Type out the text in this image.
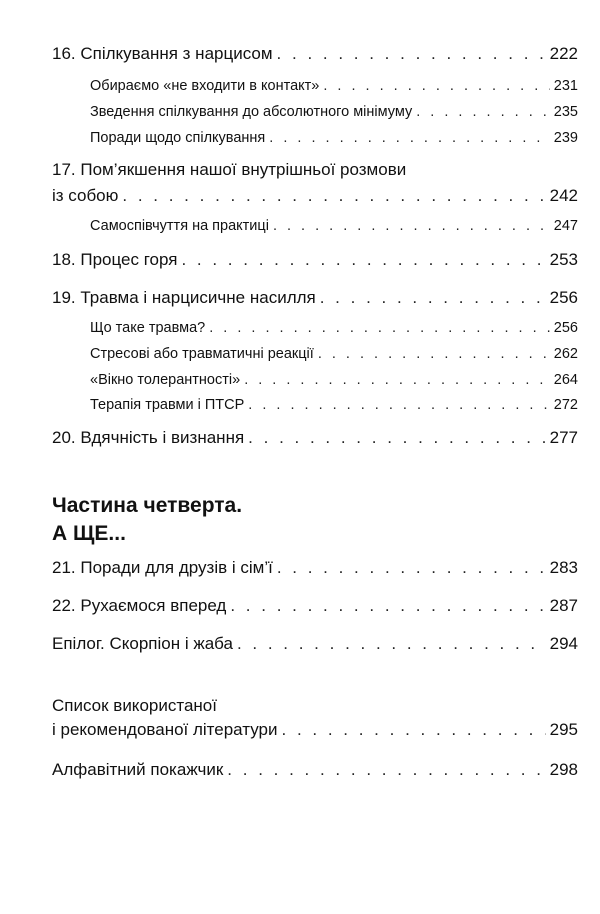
16. Спілкування з нарцисом . . .	222
Обираємо «не входити в контакт» . . .	231
Зведення спілкування до абсолютного мінімуму . . .	235
Поради щодо спілкування . . .	239
17. Пом’якшення нашої внутрішньої розмови
із собою . . .	242
Самоспівчуття на практиці . . .	247
18. Процес горя . . .	253
19. Травма і нарцисичне насилля . . .	256
Що таке травма? . . .	256
Стресові або травматичні реакції . . .	262
«Вікно толерантності» . . .	264
Терапія травми і ПТСР . . .	272
20. Вдячність і визнання . . .	277
Частина четверта.
А ЩЕ...
21. Поради для друзів і сім’ї . . .	283
22. Рухаємося вперед . . .	287
Епілог. Скорпіон і жаба . . .	294
Список використаної
і рекомендованої літератури . . .	295
Алфавітний покажчик . . .	298
